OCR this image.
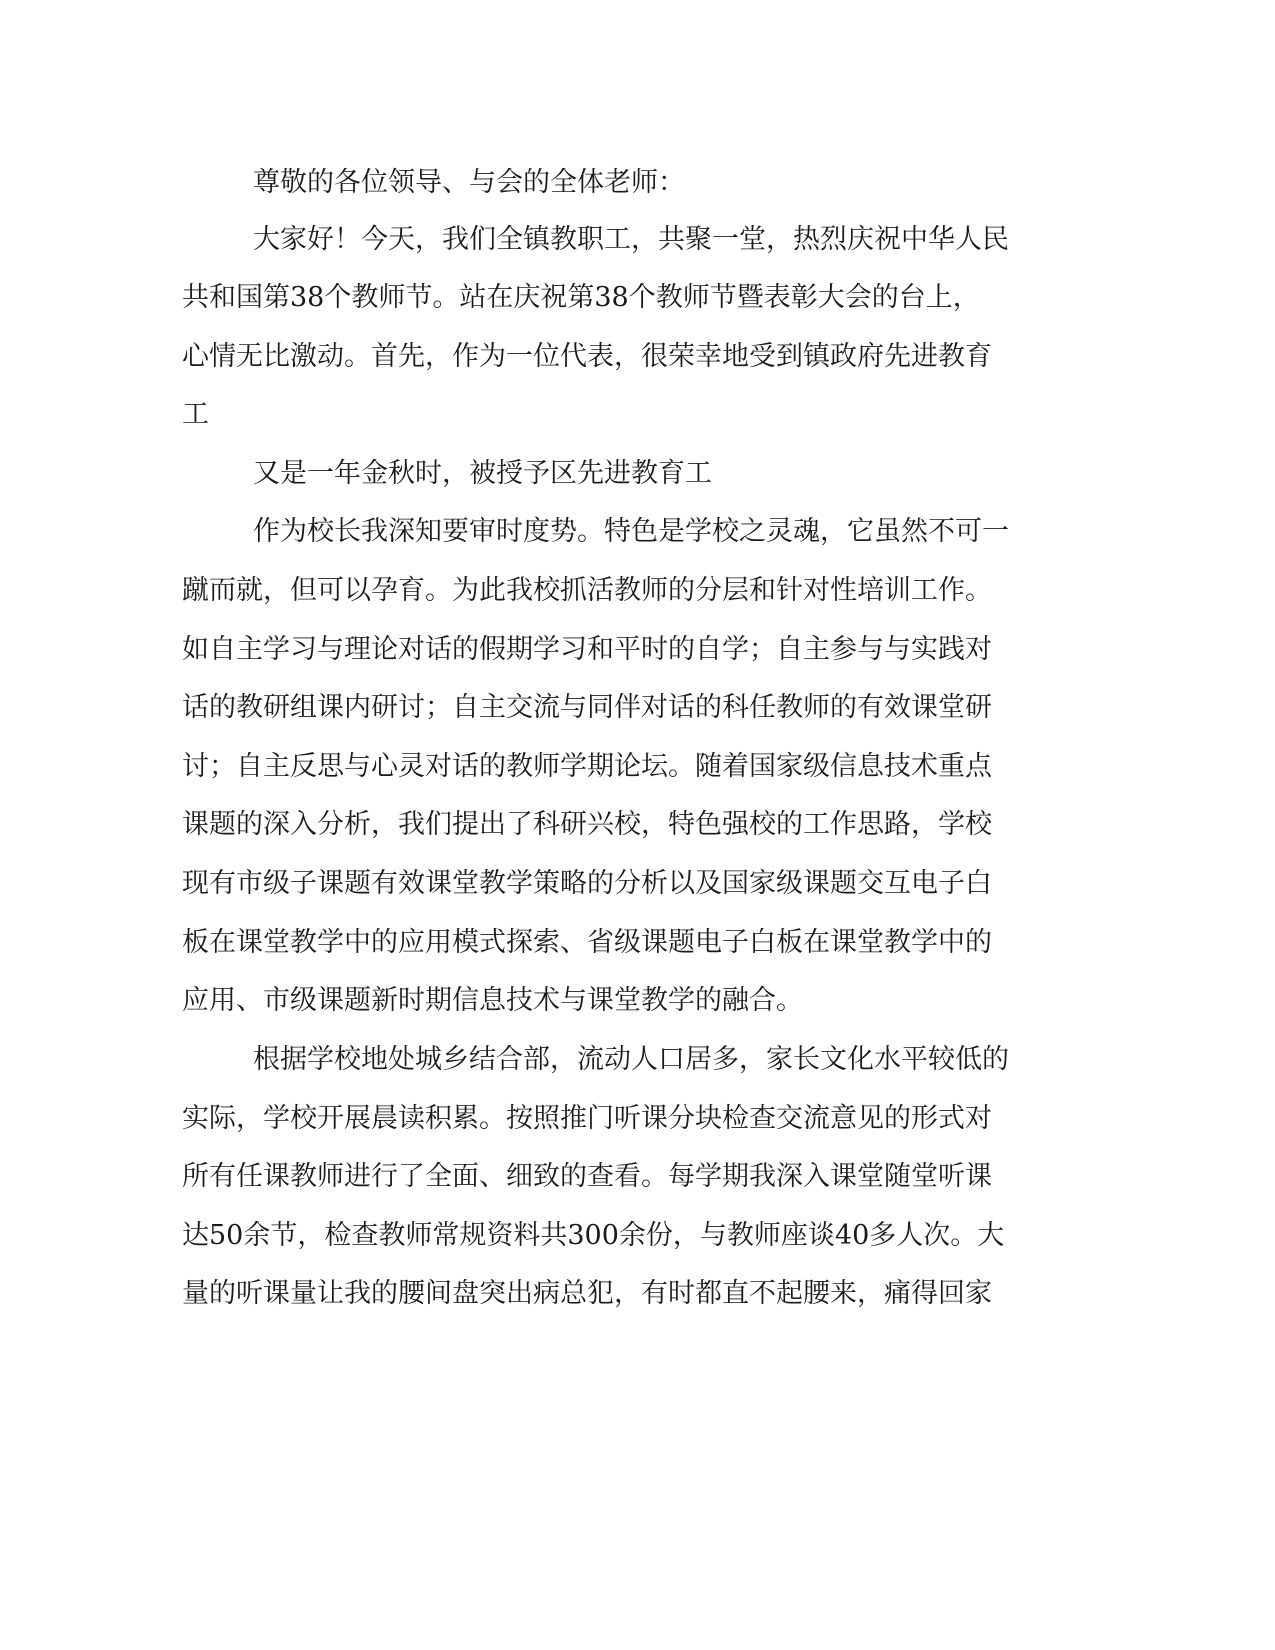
尊敬的各位领导、与会的全体老师：
大家好！今天，我们全镇教职工，共聚一堂，热烈庆祝中华人民
共和国第38个教师节。站在庆祝第38个教师节暨表彰大会的台上，
心情无比激动。首先，作为一位代表，很荣幸地受到镇政府先进教育
工
又是一年金秋时，被授予区先进教育工
作为校长我深知要审时度势。特色是学校之灵魂，它虽然不可一
蹴而就，但可以孕育。为此我校抓活教师的分层和针对性培训工作。
如自主学习与理论对话的假期学习和平时的自学；自主参与与实践对
话的教研组课内研讨；自主交流与同伴对话的科任教师的有效课堂研
讨；自主反思与心灵对话的教师学期论坛。随着国家级信息技术重点
课题的深入分析，我们提出了科研兴校，特色强校的工作思路，学校
现有市级子课题有效课堂教学策略的分析以及国家级课题交互电子白
板在课堂教学中的应用模式探索、省级课题电子白板在课堂教学中的
应用、市级课题新时期信息技术与课堂教学的融合。
根据学校地处城乡结合部，流动人口居多，家长文化水平较低的
实际，学校开展晨读积累。按照推门听课分块检查交流意见的形式对
所有任课教师进行了全面、细致的查看。每学期我深入课堂随堂听课
达50余节，检查教师常规资料共300余份，与教师座谈40多人次。大
量的听课量让我的腰间盘突出病总犯，有时都直不起腰来，痛得回家
